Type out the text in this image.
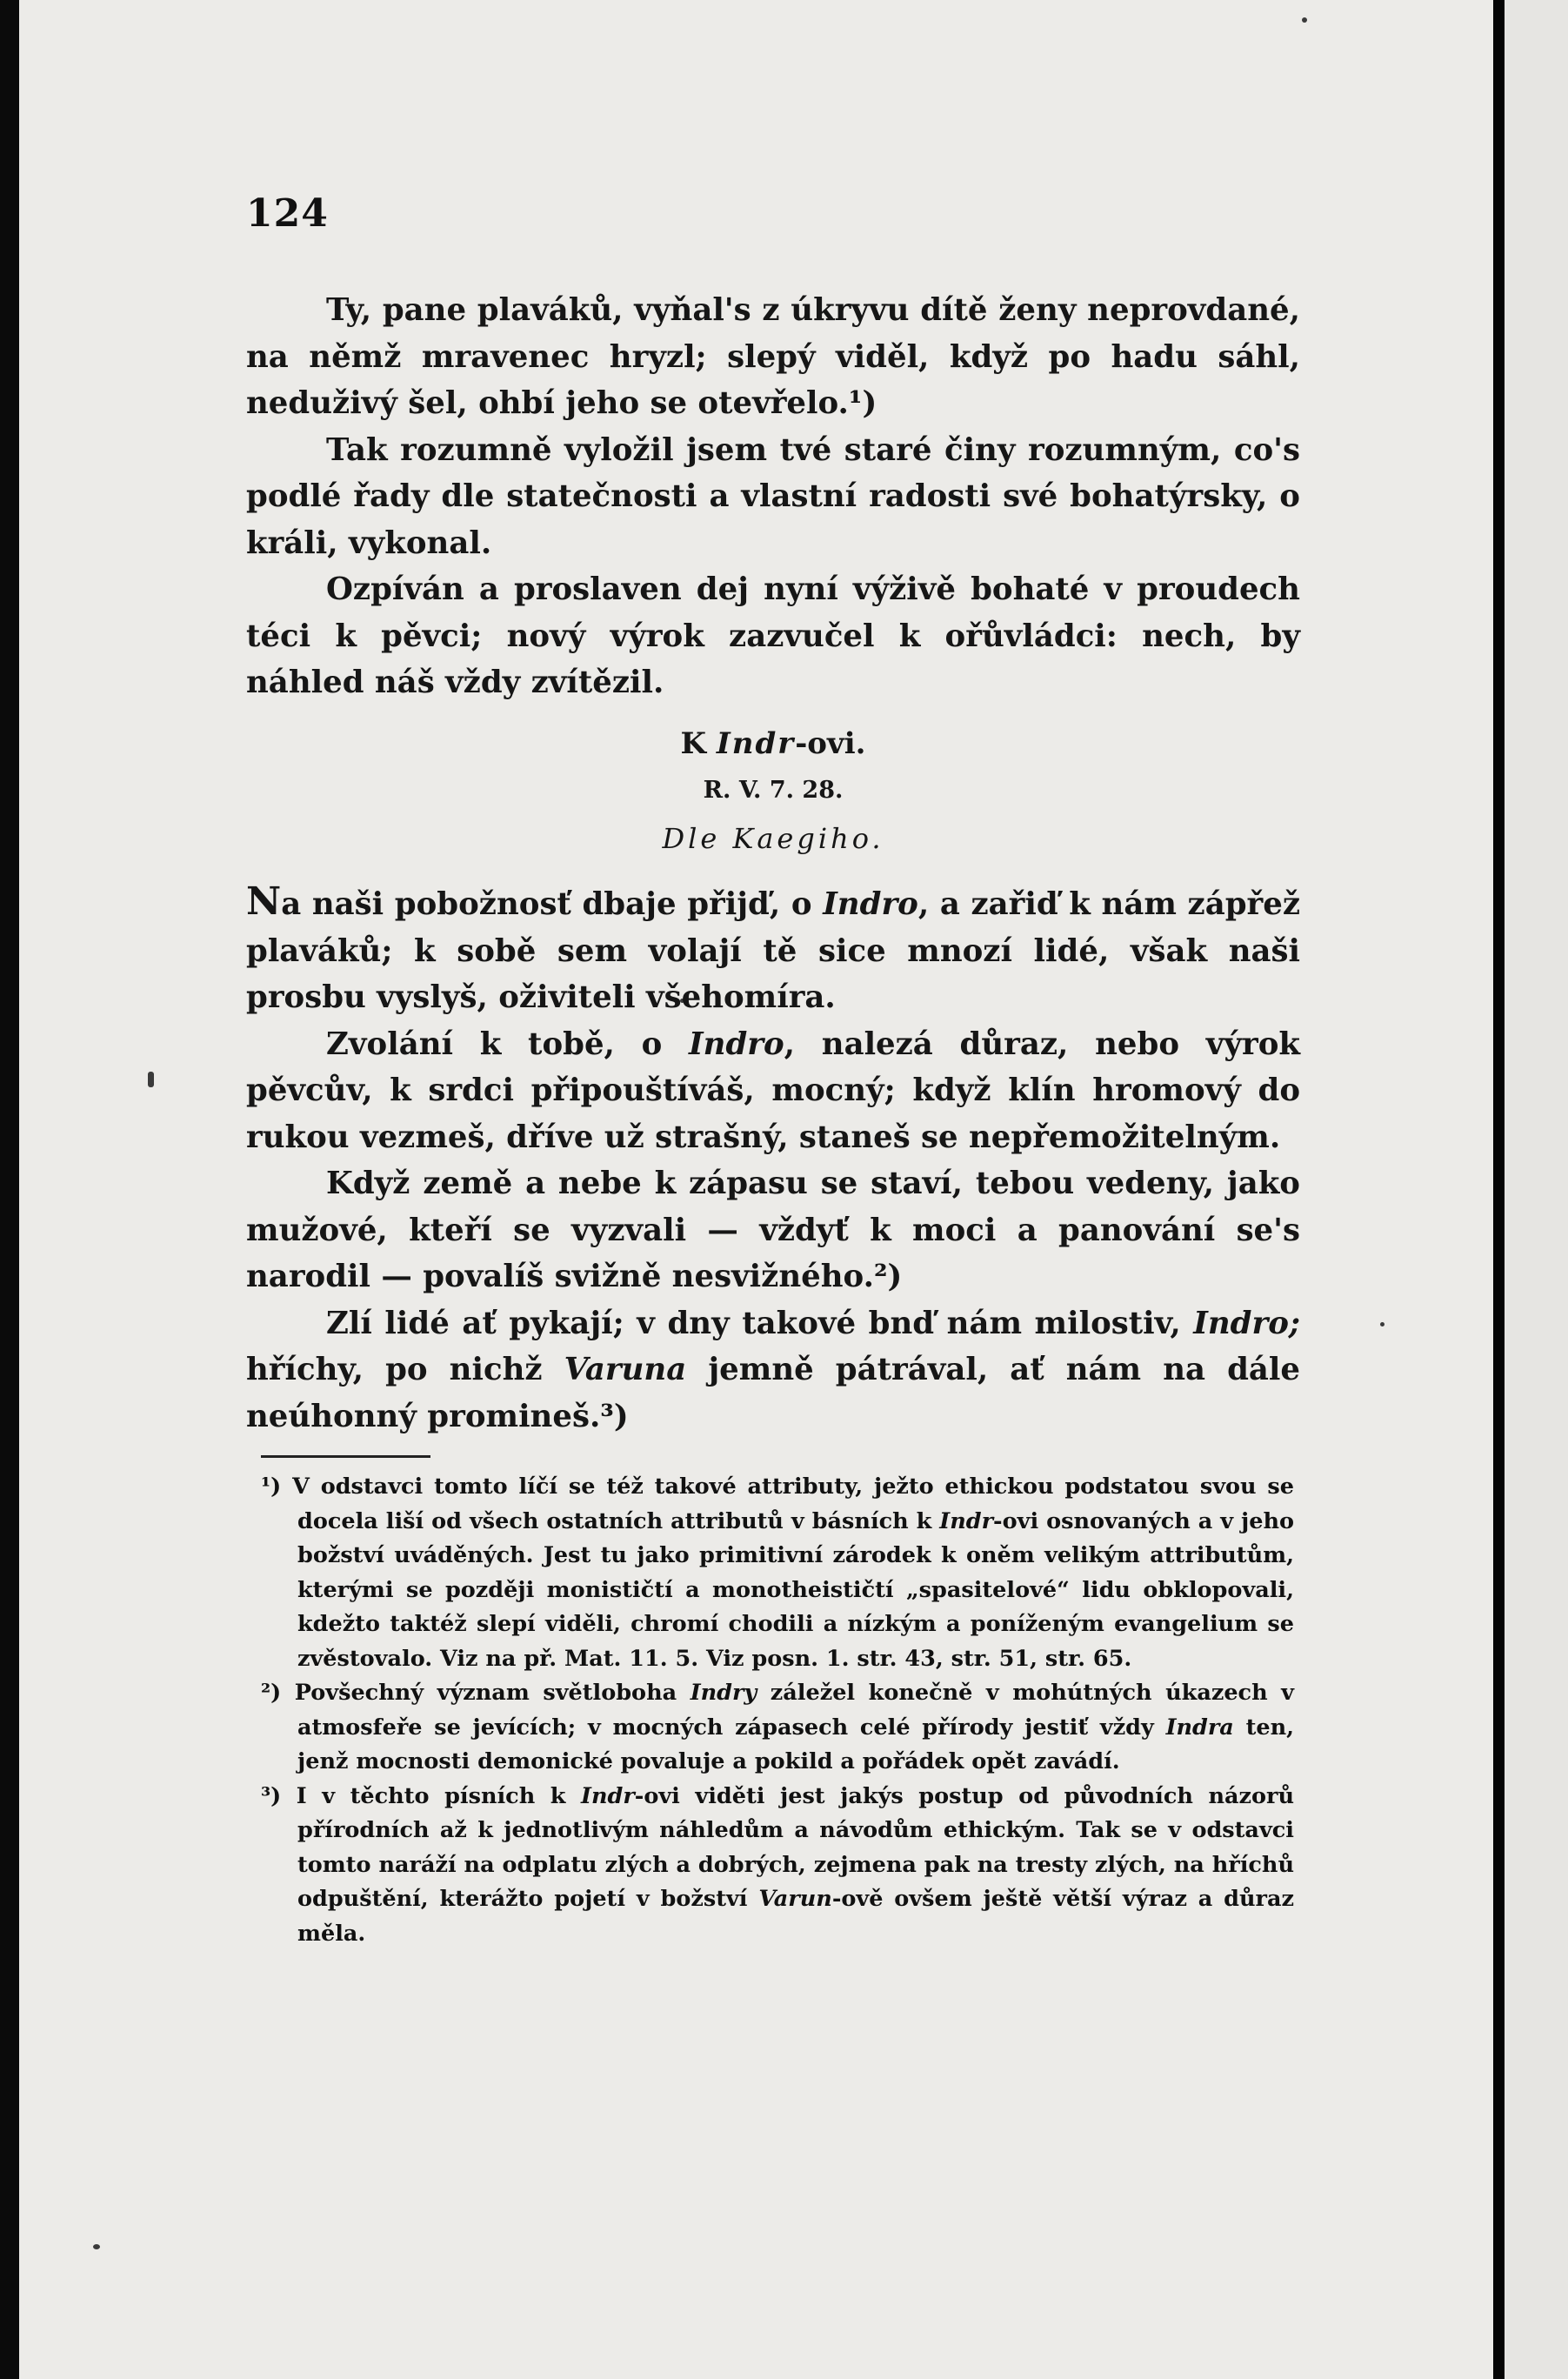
124

Ty, pane plaváků, vyňal's z úkryvu dítě ženy neprovdané, na němž mravenec hryzl; slepý viděl, když po hadu sáhl, neduživý šel, ohbí jeho se otevřelo.¹)

Tak rozumně vyložil jsem tvé staré činy rozumným, co's podlé řady dle statečnosti a vlastní radosti své bohatýrsky, o králi, vykonal.

Ozpíván a proslaven dej nyní výživě bohaté v proudech téci k pěvci; nový výrok zazvučel k ořůvládci: nech, by náhled náš vždy zvítězil.

K Indr-ovi.
R. V. 7. 28.
Dle Kaegiho.

Na naši pobožnosť dbaje přijď, o Indro, a zařiď k nám zápřež plaváků; k sobě sem volají tě sice mnozí lidé, však naši prosbu vyslyš, oživiteli všehomíra.

Zvolání k tobě, o Indro, nalezá důraz, nebo výrok pěvcův, k srdci připouštíváš, mocný; když klín hromový do rukou vezmeš, dříve už strašný, staneš se nepřemožitelným.

Když země a nebe k zápasu se staví, tebou vedeny, jako mužové, kteří se vyzvali — vždyť k moci a panování se's narodil — povalíš svižně nesvižného.²)

Zlí lidé ať pykají; v dny takové bnď nám milostiv, Indro; hříchy, po nichž Varuna jemně pátrával, ať nám na dále neúhonný promineš.³)

¹) V odstavci tomto líčí se též takové attributy, ježto ethickou podstatou svou se docela liší od všech ostatních attributů v básních k Indr-ovi osnovaných a v jeho božství uváděných. Jest tu jako primitivní zárodek k oněm velikým attributům, kterými se později monističtí a monotheističtí „spasitelové“ lidu obklopovali, kdežto taktéž slepí viděli, chromí chodili a nízkým a poníženým evangelium se zvěstovalo. Viz na př. Mat. 11. 5. Viz posn. 1. str. 43, str. 51, str. 65.

²) Povšechný význam světloboha Indry záležel konečně v mohútných úkazech v atmosfeře se jevících; v mocných zápasech celé přírody jestiť vždy Indra ten, jenž mocnosti demonické povaluje a pokild a pořádek opět zavádí.

³) I v těchto písních k Indr-ovi viděti jest jakýs postup od původních názorů přírodních až k jednotlivým náhledům a návodům ethickým. Tak se v odstavci tomto naráží na odplatu zlých a dobrých, zejmena pak na tresty zlých, na hříchů odpuštění, kterážto pojetí v božství Varun-ově ovšem ještě větší výraz a důraz měla.
